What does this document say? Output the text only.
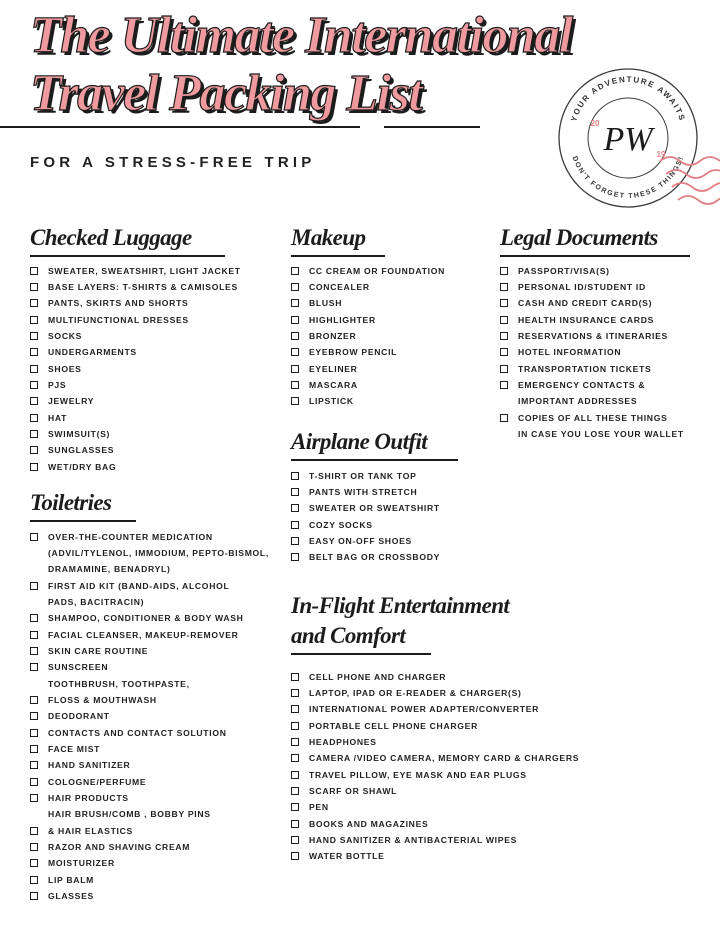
The Ultimate International
Travel Packing List
FOR A STRESS-FREE TRIP
YOUR ADVENTURE AWAITS
DON'T FORGET THESE THINGS!
PW
20
19
Checked Luggage
SWEATER, SWEATSHIRT, LIGHT JACKET
BASE LAYERS: T-SHIRTS & CAMISOLES
PANTS, SKIRTS AND SHORTS
MULTIFUNCTIONAL DRESSES
SOCKS
UNDERGARMENTS
SHOES
PJS
JEWELRY
HAT
SWIMSUIT(S)
SUNGLASSES
WET/DRY BAG
Toiletries
OVER-THE-COUNTER MEDICATION
(ADVIL/TYLENOL, IMMODIUM, PEPTO-BISMOL,
DRAMAMINE, BENADRYL)
FIRST AID KIT (BAND-AIDS, ALCOHOL
PADS, BACITRACIN)
SHAMPOO, CONDITIONER & BODY WASH
FACIAL CLEANSER, MAKEUP-REMOVER
SKIN CARE ROUTINE
SUNSCREEN
TOOTHBRUSH, TOOTHPASTE,
FLOSS & MOUTHWASH
DEODORANT
CONTACTS AND CONTACT SOLUTION
FACE MIST
HAND SANITIZER
COLOGNE/PERFUME
HAIR PRODUCTS
HAIR BRUSH/COMB , BOBBY PINS
& HAIR ELASTICS
RAZOR AND SHAVING CREAM
MOISTURIZER
LIP BALM
GLASSES
Makeup
CC CREAM OR FOUNDATION
CONCEALER
BLUSH
HIGHLIGHTER
BRONZER
EYEBROW PENCIL
EYELINER
MASCARA
LIPSTICK
Airplane Outfit
T-SHIRT OR TANK TOP
PANTS WITH STRETCH
SWEATER OR SWEATSHIRT
COZY SOCKS
EASY ON-OFF SHOES
BELT BAG OR CROSSBODY
In-Flight Entertainment
and Comfort
CELL PHONE AND CHARGER
LAPTOP, IPAD OR E-READER & CHARGER(S)
INTERNATIONAL POWER ADAPTER/CONVERTER
PORTABLE CELL PHONE CHARGER
HEADPHONES
CAMERA /VIDEO CAMERA, MEMORY CARD & CHARGERS
TRAVEL PILLOW, EYE MASK AND EAR PLUGS
SCARF OR SHAWL
PEN
BOOKS AND MAGAZINES
HAND SANITIZER & ANTIBACTERIAL WIPES
WATER BOTTLE
Legal Documents
PASSPORT/VISA(S)
PERSONAL ID/STUDENT ID
CASH AND CREDIT CARD(S)
HEALTH INSURANCE CARDS
RESERVATIONS & ITINERARIES
HOTEL INFORMATION
TRANSPORTATION TICKETS
EMERGENCY CONTACTS &
IMPORTANT ADDRESSES
COPIES OF ALL THESE THINGS
IN CASE YOU LOSE YOUR WALLET
